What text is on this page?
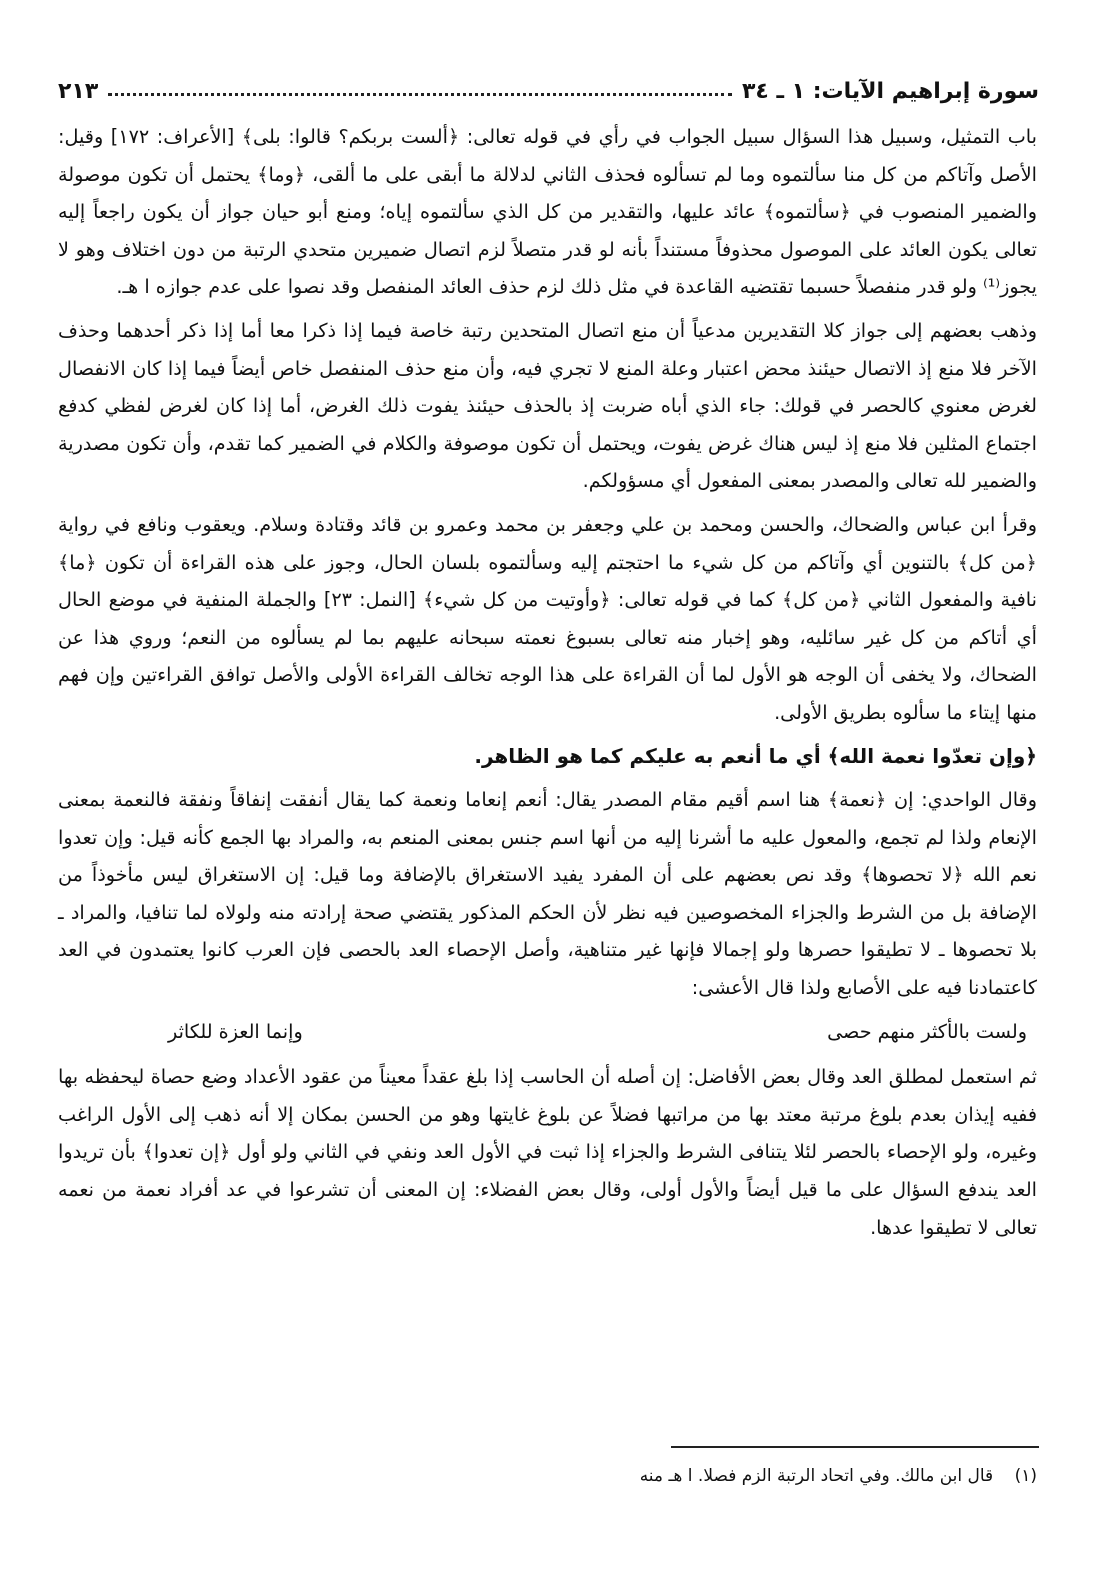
سورة إبراهيم الآيات: ١ ـ ٣٤
٢١٣

باب التمثيل، وسبيل هذا السؤال سبيل الجواب في رأي في قوله تعالى: ﴿ألست بربكم؟ قالوا: بلى﴾ [الأعراف: ١٧٢] وقيل: الأصل وآتاكم من كل منا سألتموه وما لم تسألوه فحذف الثاني لدلالة ما أبقى على ما ألقى، ﴿وما﴾ يحتمل أن تكون موصولة والضمير المنصوب في ﴿سألتموه﴾ عائد عليها، والتقدير من كل الذي سألتموه إياه؛ ومنع أبو حيان جواز أن يكون راجعاً إليه تعالى يكون العائد على الموصول محذوفاً مستنداً بأنه لو قدر متصلاً لزم اتصال ضميرين متحدي الرتبة من دون اختلاف وهو لا يجوز⁽¹⁾ ولو قدر منفصلاً حسبما تقتضيه القاعدة في مثل ذلك لزم حذف العائد المنفصل وقد نصوا على عدم جوازه ا هـ.

وذهب بعضهم إلى جواز كلا التقديرين مدعياً أن منع اتصال المتحدين رتبة خاصة فيما إذا ذكرا معا أما إذا ذكر أحدهما وحذف الآخر فلا منع إذ الاتصال حيئنذ محض اعتبار وعلة المنع لا تجري فيه، وأن منع حذف المنفصل خاص أيضاً فيما إذا كان الانفصال لغرض معنوي كالحصر في قولك: جاء الذي أباه ضربت إذ بالحذف حيئنذ يفوت ذلك الغرض، أما إذا كان لغرض لفظي كدفع اجتماع المثلين فلا منع إذ ليس هناك غرض يفوت، ويحتمل أن تكون موصوفة والكلام في الضمير كما تقدم، وأن تكون مصدرية والضمير لله تعالى والمصدر بمعنى المفعول أي مسؤولكم.

وقرأ ابن عباس والضحاك، والحسن ومحمد بن علي وجعفر بن محمد وعمرو بن قائد وقتادة وسلام. ويعقوب ونافع في رواية ﴿من كل﴾ بالتنوين أي وآتاكم من كل شيء ما احتجتم إليه وسألتموه بلسان الحال، وجوز على هذه القراءة أن تكون ﴿ما﴾ نافية والمفعول الثاني ﴿من كل﴾ كما في قوله تعالى: ﴿وأوتيت من كل شيء﴾ [النمل: ٢٣] والجملة المنفية في موضع الحال أي أتاكم من كل غير سائليه، وهو إخبار منه تعالى بسبوغ نعمته سبحانه عليهم بما لم يسألوه من النعم؛ وروي هذا عن الضحاك، ولا يخفى أن الوجه هو الأول لما أن القراءة على هذا الوجه تخالف القراءة الأولى والأصل توافق القراءتين وإن فهم منها إيتاء ما سألوه بطريق الأولى.

﴿وإن تعدّوا نعمة الله﴾ أي ما أنعم به عليكم كما هو الظاهر.

وقال الواحدي: إن ﴿نعمة﴾ هنا اسم أقيم مقام المصدر يقال: أنعم إنعاما ونعمة كما يقال أنفقت إنفاقاً ونفقة فالنعمة بمعنى الإنعام ولذا لم تجمع، والمعول عليه ما أشرنا إليه من أنها اسم جنس بمعنى المنعم به، والمراد بها الجمع كأنه قيل: وإن تعدوا نعم الله ﴿لا تحصوها﴾ وقد نص بعضهم على أن المفرد يفيد الاستغراق بالإضافة وما قيل: إن الاستغراق ليس مأخوذاً من الإضافة بل من الشرط والجزاء المخصوصين فيه نظر لأن الحكم المذكور يقتضي صحة إرادته منه ولولاه لما تنافيا، والمراد ـ بلا تحصوها ـ لا تطيقوا حصرها ولو إجمالا فإنها غير متناهية، وأصل الإحصاء العد بالحصى فإن العرب كانوا يعتمدون في العد كاعتمادنا فيه على الأصابع ولذا قال الأعشى:

ولست بالأكثر منهم حصى
وإنما العزة للكاثر

ثم استعمل لمطلق العد وقال بعض الأفاضل: إن أصله أن الحاسب إذا بلغ عقداً معيناً من عقود الأعداد وضع حصاة ليحفظه بها ففيه إيذان بعدم بلوغ مرتبة معتد بها من مراتبها فضلاً عن بلوغ غايتها وهو من الحسن بمكان إلا أنه ذهب إلى الأول الراغب وغيره، ولو الإحصاء بالحصر لئلا يتنافى الشرط والجزاء إذا ثبت في الأول العد ونفي في الثاني ولو أول ﴿إن تعدوا﴾ بأن تريدوا العد يندفع السؤال على ما قيل أيضاً والأول أولى، وقال بعض الفضلاء: إن المعنى أن تشرعوا في عد أفراد نعمة من نعمه تعالى لا تطيقوا عدها.

(١) قال ابن مالك. وفي اتحاد الرتبة الزم فصلا. ا هـ منه
